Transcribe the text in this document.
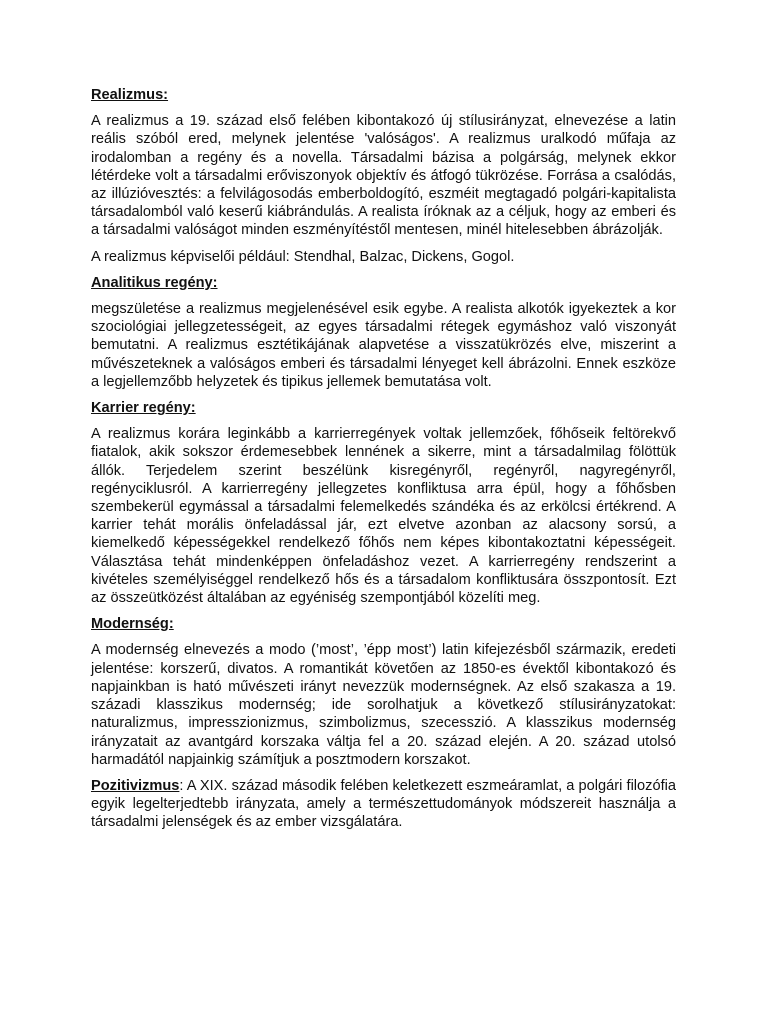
Realizmus:

A realizmus a 19. század első felében kibontakozó új stílusirányzat, elnevezése a latin reális szóból ered, melynek jelentése 'valóságos'. A realizmus uralkodó műfaja az irodalomban a regény és a novella. Társadalmi bázisa a polgárság, melynek ekkor létérdeke volt a társadalmi erőviszonyok objektív és átfogó tükrözése. Forrása a csalódás, az illúzióvesztés: a felvilágosodás emberboldogító, eszméit megtagadó polgári-kapitalista társadalomból való keserű kiábrándulás. A realista íróknak az a céljuk, hogy az emberi és a társadalmi valóságot minden eszményítéstől mentesen, minél hitelesebben ábrázolják.

A realizmus képviselői például: Stendhal, Balzac, Dickens, Gogol.

Analitikus regény:

megszületése a realizmus megjelenésével esik egybe. A realista alkotók igyekeztek a kor szociológiai jellegzetességeit, az egyes társadalmi rétegek egymáshoz való viszonyát bemutatni. A realizmus esztétikájának alapvetése a visszatükrözés elve, miszerint a művészeteknek a valóságos emberi és társadalmi lényeget kell ábrázolni. Ennek eszköze a legjellemzőbb helyzetek és tipikus jellemek bemutatása volt.

Karrier regény:

A realizmus korára leginkább a karrierregények voltak jellemzőek, főhőseik feltörekvő fiatalok, akik sokszor érdemesebbek lennének a sikerre, mint a társadalmilag fölöttük állók. Terjedelem szerint beszélünk kisregényről, regényről, nagyregényről, regényciklusról. A karrierregény jellegzetes konfliktusa arra épül, hogy a főhősben szembekerül egymással a társadalmi felemelkedés szándéka és az erkölcsi értékrend. A karrier tehát morális önfeladással jár, ezt elvetve azonban az alacsony sorsú, a kiemelkedő képességekkel rendelkező főhős nem képes kibontakoztatni képességeit. Választása tehát mindenképpen önfeladáshoz vezet. A karrierregény rendszerint a kivételes személyiséggel rendelkező hős és a társadalom konfliktusára összpontosít. Ezt az összeütközést általában az egyéniség szempontjából közelíti meg.

Modernség:

A modernség elnevezés a modo (’most’, ’épp most’) latin kifejezésből származik, eredeti jelentése: korszerű, divatos. A romantikát követően az 1850-es évektől kibontakozó és napjainkban is ható művészeti irányt nevezzük modernségnek. Az első szakasza a 19. századi klasszikus modernség; ide sorolhatjuk a következő stílusirányzatokat: naturalizmus, impresszionizmus, szimbolizmus, szecesszió. A klasszikus modernség irányzatait az avantgárd korszaka váltja fel a 20. század elején. A 20. század utolsó harmadától napjainkig számítjuk a posztmodern korszakot.

Pozitivizmus: A XIX. század második felében keletkezett eszmeáramlat, a polgári filozófia egyik legelterjedtebb irányzata, amely a természettudományok módszereit használja a társadalmi jelenségek és az ember vizsgálatára.
